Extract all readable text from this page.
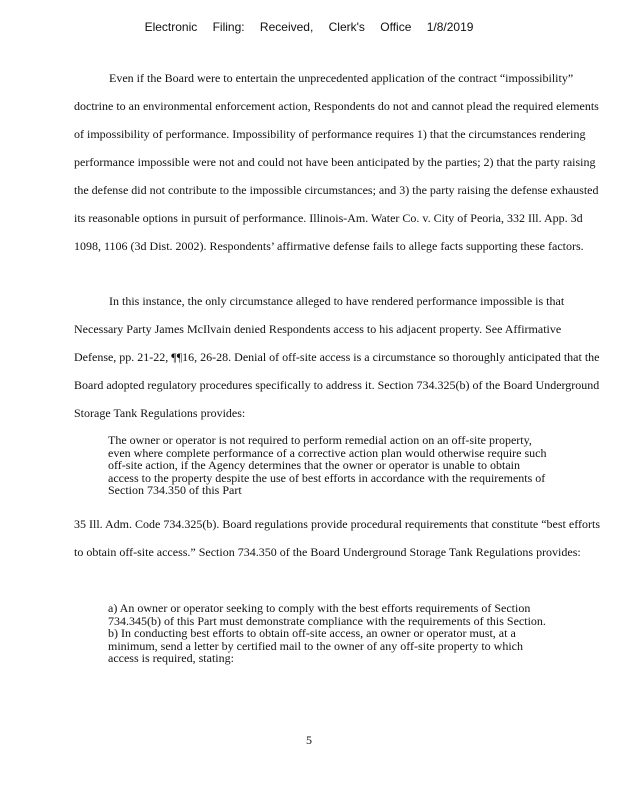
Electronic Filing: Received, Clerk's Office 1/8/2019

Even if the Board were to entertain the unprecedented application of the contract “impossibility” doctrine to an environmental enforcement action, Respondents do not and cannot plead the required elements of impossibility of performance. Impossibility of performance requires 1) that the circumstances rendering performance impossible were not and could not have been anticipated by the parties; 2) that the party raising the defense did not contribute to the impossible circumstances; and 3) the party raising the defense exhausted its reasonable options in pursuit of performance. Illinois-Am. Water Co. v. City of Peoria, 332 Ill. App. 3d 1098, 1106 (3d Dist. 2002). Respondents’ affirmative defense fails to allege facts supporting these factors.

In this instance, the only circumstance alleged to have rendered performance impossible is that Necessary Party James McIlvain denied Respondents access to his adjacent property. See Affirmative Defense, pp. 21-22, ¶¶16, 26-28. Denial of off-site access is a circumstance so thoroughly anticipated that the Board adopted regulatory procedures specifically to address it. Section 734.325(b) of the Board Underground Storage Tank Regulations provides:

The owner or operator is not required to perform remedial action on an off-site property, even where complete performance of a corrective action plan would otherwise require such off-site action, if the Agency determines that the owner or operator is unable to obtain access to the property despite the use of best efforts in accordance with the requirements of Section 734.350 of this Part

35 Ill. Adm. Code 734.325(b). Board regulations provide procedural requirements that constitute “best efforts to obtain off-site access.” Section 734.350 of the Board Underground Storage Tank Regulations provides:

a) An owner or operator seeking to comply with the best efforts requirements of Section 734.345(b) of this Part must demonstrate compliance with the requirements of this Section.

b) In conducting best efforts to obtain off-site access, an owner or operator must, at a minimum, send a letter by certified mail to the owner of any off-site property to which access is required, stating:

5
